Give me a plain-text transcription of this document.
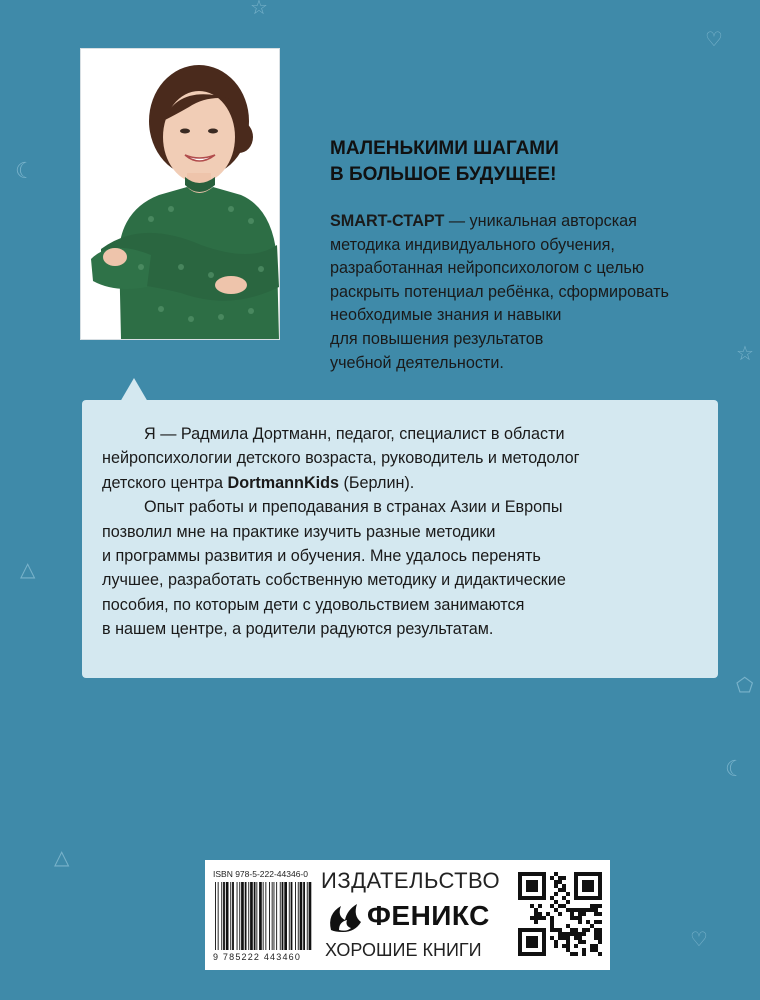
☆
♡
☾
☆
△
⬠
☾
△
♡
МАЛЕНЬКИМИ ШАГАМИ
В БОЛЬШОЕ БУДУЩЕЕ!
SMART-СТАРТ — уникальная авторская
методика индивидуального обучения,
разработанная нейропсихологом с целью
раскрыть потенциал ребёнка, сформировать
необходимые знания и навыки
для повышения результатов
учебной деятельности.
Я — Радмила Дортманн, педагог, специалист в области
нейропсихологии детского возраста, руководитель и методолог
детского центра DortmannKids (Берлин).
Опыт работы и преподавания в странах Азии и Европы
позволил мне на практике изучить разные методики
и программы развития и обучения. Мне удалось перенять
лучшее, разработать собственную методику и дидактические
пособия, по которым дети с удовольствием занимаются
в нашем центре, а родители радуются результатам.
ISBN 978-5-222-44346-0
9 785222 443460
ИЗДАТЕЛЬСТВО
ФЕНИКС
ХОРОШИЕ КНИГИ
